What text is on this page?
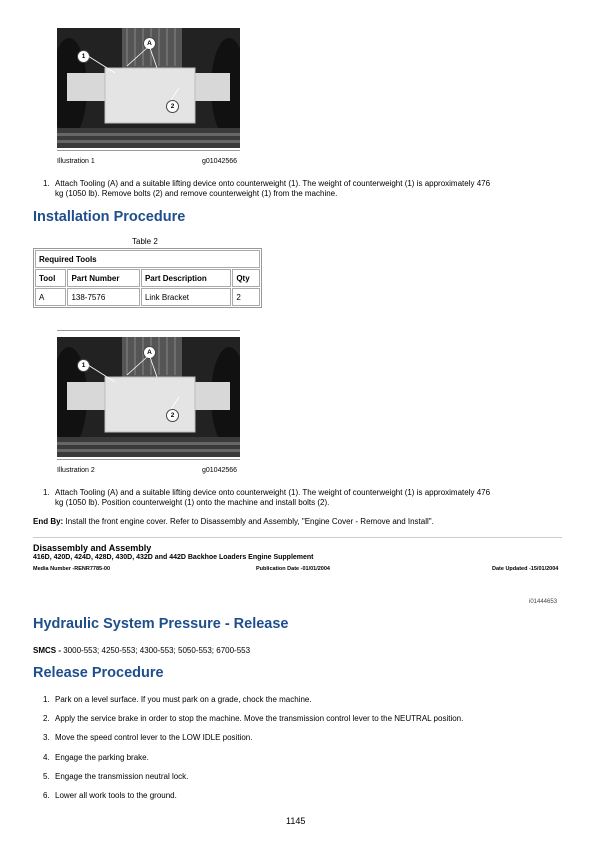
A
1
2
Illustration 1	g01042566
1. Attach Tooling (A) and a suitable lifting device onto counterweight (1). The weight of counterweight (1) is approximately 476
kg (1050 lb). Remove bolts (2) and remove counterweight (1) from the machine.
Installation Procedure
Table 2
Required Tools			
Tool	Part Number	Part Description	Qty
A	138-7576	Link Bracket	2
A
1
2
Illustration 2	g01042566
1. Attach Tooling (A) and a suitable lifting device onto counterweight (1). The weight of counterweight (1) is approximately 476
kg (1050 lb). Position counterweight (1) onto the machine and install bolts (2).
End By: Install the front engine cover. Refer to Disassembly and Assembly, "Engine Cover - Remove and Install".
Disassembly and Assembly
416D, 420D, 424D, 428D, 430D, 432D and 442D Backhoe Loaders Engine Supplement
Media Number -RENR7785-00	Publication Date -01/01/2004	Date Updated -15/01/2004
i01444653
Hydraulic System Pressure - Release
SMCS - 3000-553; 4250-553; 4300-553; 5050-553; 6700-553
Release Procedure
1. Park on a level surface. If you must park on a grade, chock the machine.
2. Apply the service brake in order to stop the machine. Move the transmission control lever to the NEUTRAL position.
3. Move the speed control lever to the LOW IDLE position.
4. Engage the parking brake.
5. Engage the transmission neutral lock.
6. Lower all work tools to the ground.
1145
